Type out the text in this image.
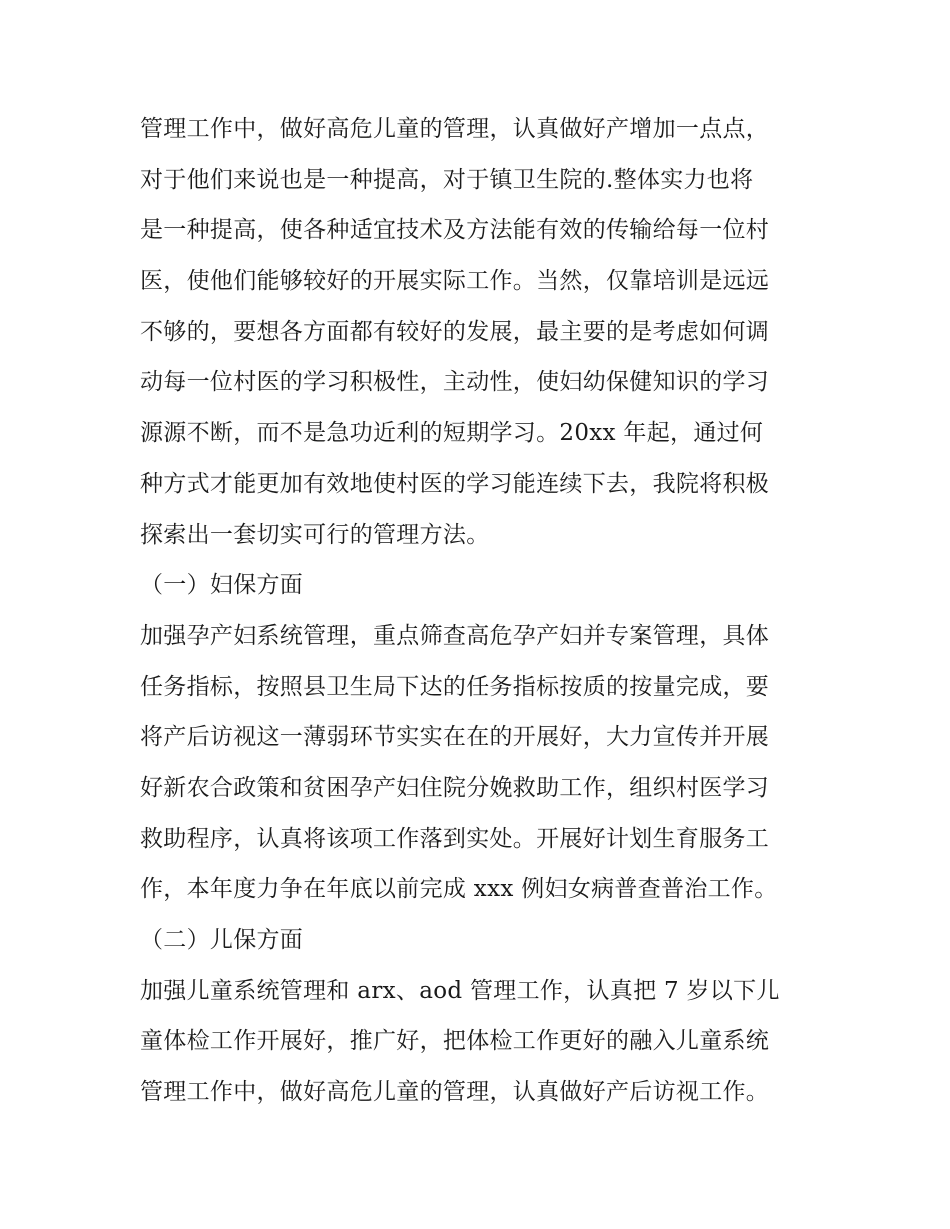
管理工作中，做好高危儿童的管理，认真做好产增加一点点，
对于他们来说也是一种提高，对于镇卫生院的.整体实力也将
是一种提高，使各种适宜技术及方法能有效的传输给每一位村
医，使他们能够较好的开展实际工作。当然，仅靠培训是远远
不够的，要想各方面都有较好的发展，最主要的是考虑如何调
动每一位村医的学习积极性，主动性，使妇幼保健知识的学习
源源不断，而不是急功近利的短期学习。20xx 年起，通过何
种方式才能更加有效地使村医的学习能连续下去，我院将积极
探索出一套切实可行的管理方法。
（一）妇保方面
加强孕产妇系统管理，重点筛查高危孕产妇并专案管理，具体
任务指标，按照县卫生局下达的任务指标按质的按量完成，要
将产后访视这一薄弱环节实实在在的开展好，大力宣传并开展
好新农合政策和贫困孕产妇住院分娩救助工作，组织村医学习
救助程序，认真将该项工作落到实处。开展好计划生育服务工
作，本年度力争在年底以前完成 xxx 例妇女病普查普治工作。
（二）儿保方面
加强儿童系统管理和 arx、aod 管理工作，认真把 7 岁以下儿
童体检工作开展好，推广好，把体检工作更好的融入儿童系统
管理工作中，做好高危儿童的管理，认真做好产后访视工作。
